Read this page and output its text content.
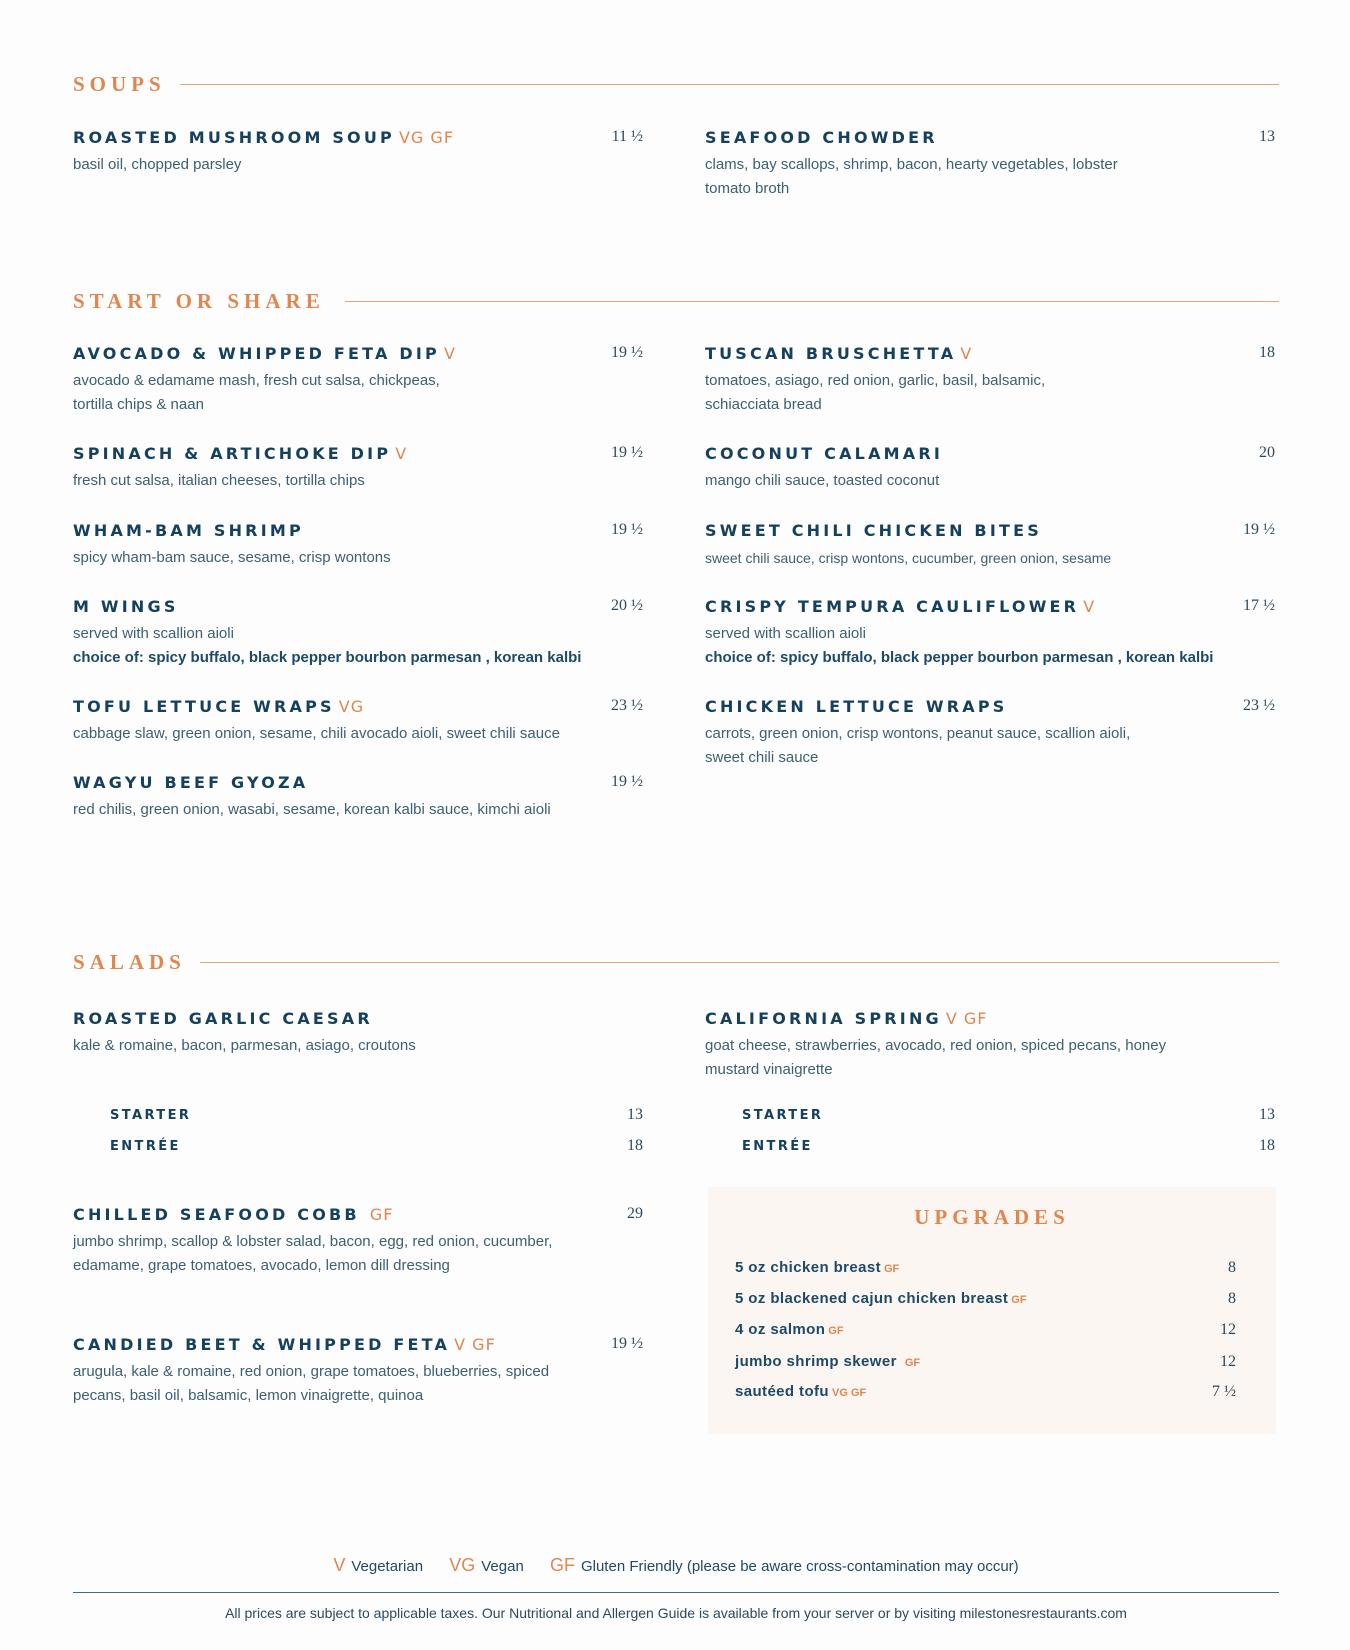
SOUPS
ROASTED MUSHROOM SOUP VG GF	11 ½
basil oil, chopped parsley
SEAFOOD CHOWDER	13
clams, bay scallops, shrimp, bacon, hearty vegetables, lobster tomato broth
START OR SHARE
AVOCADO & WHIPPED FETA DIP V	19 ½
avocado & edamame mash, fresh cut salsa, chickpeas, tortilla chips & naan
SPINACH & ARTICHOKE DIP V	19 ½
fresh cut salsa, italian cheeses, tortilla chips
WHAM-BAM SHRIMP	19 ½
spicy wham-bam sauce, sesame, crisp wontons
M WINGS	20 ½
served with scallion aioli
choice of: spicy buffalo, black pepper bourbon parmesan , korean kalbi
TOFU LETTUCE WRAPS VG	23 ½
cabbage slaw, green onion, sesame, chili avocado aioli, sweet chili sauce
WAGYU BEEF GYOZA	19 ½
red chilis, green onion, wasabi, sesame, korean kalbi sauce, kimchi aioli
TUSCAN BRUSCHETTA V	18
tomatoes, asiago, red onion, garlic, basil, balsamic, schiacciata bread
COCONUT CALAMARI	20
mango chili sauce, toasted coconut
SWEET CHILI CHICKEN BITES	19 ½
sweet chili sauce, crisp wontons, cucumber, green onion, sesame
CRISPY TEMPURA CAULIFLOWER V	17 ½
served with scallion aioli
choice of: spicy buffalo, black pepper bourbon parmesan , korean kalbi
CHICKEN LETTUCE WRAPS	23 ½
carrots, green onion, crisp wontons, peanut sauce, scallion aioli, sweet chili sauce
SALADS
ROASTED GARLIC CAESAR
kale & romaine, bacon, parmesan, asiago, croutons
STARTER	13
ENTRÉE	18
CHILLED SEAFOOD COBB GF	29
jumbo shrimp, scallop & lobster salad, bacon, egg, red onion, cucumber, edamame, grape tomatoes, avocado, lemon dill dressing
CANDIED BEET & WHIPPED FETA V GF	19 ½
arugula, kale & romaine, red onion, grape tomatoes, blueberries, spiced pecans, basil oil, balsamic, lemon vinaigrette, quinoa
CALIFORNIA SPRING V GF
goat cheese, strawberries, avocado, red onion, spiced pecans, honey mustard vinaigrette
STARTER	13
ENTRÉE	18
UPGRADES
5 oz chicken breast GF	8
5 oz blackened cajun chicken breast GF	8
4 oz salmon GF	12
jumbo shrimp skewer GF	12
sautéed tofu VG GF	7 ½
V Vegetarian VG Vegan GF Gluten Friendly (please be aware cross-contamination may occur)
All prices are subject to applicable taxes. Our Nutritional and Allergen Guide is available from your server or by visiting milestonesrestaurants.com
